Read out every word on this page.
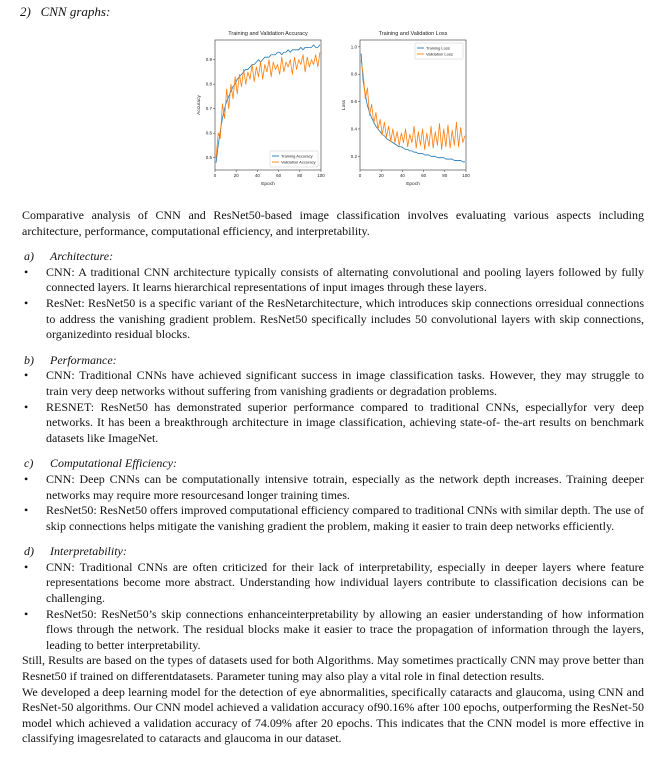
2) CNN graphs:
Training and Validation Accuracy
0	20	40	60	80	100
0.5
0.6
0.7
0.8
0.9
Epoch
Accuracy
Training Accuracy
Validation Accuracy
Training and Validation Loss
0	20	40	60	80	100
0.2
0.4
0.6
0.8
1.0
Epoch
Loss
Training Loss
Validation Loss

Comparative analysis of CNN and ResNet50-based image classification involves evaluating various aspects including architecture, performance, computational efficiency, and interpretability.

a) Architecture:

• CNN: A traditional CNN architecture typically consists of alternating convolutional and pooling layers followed by fully connected layers. It learns hierarchical representations of input images through these layers.
• ResNet: ResNet50 is a specific variant of the ResNetarchitecture, which introduces skip connections orresidual connections to address the vanishing gradient problem. ResNet50 specifically includes 50 convolutional layers with skip connections, organizedinto residual blocks.

b) Performance:

• CNN: Traditional CNNs have achieved significant success in image classification tasks. However, they may struggle to train very deep networks without suffering from vanishing gradients or degradation problems.
• RESNET: ResNet50 has demonstrated superior performance compared to traditional CNNs, especiallyfor very deep networks. It has been a breakthrough architecture in image classification, achieving state-of- the-art results on benchmark datasets like ImageNet.

c) Computational Efficiency:

• CNN: Deep CNNs can be computationally intensive totrain, especially as the network depth increases. Training deeper networks may require more resourcesand longer training times.
• ResNet50: ResNet50 offers improved computational efficiency compared to traditional CNNs with similar depth. The use of skip connections helps mitigate the vanishing gradient the problem, making it easier to train deep networks efficiently.

d) Interpretability:

• CNN: Traditional CNNs are often criticized for their lack of interpretability, especially in deeper layers where feature representations become more abstract. Understanding how individual layers contribute to classification decisions can be challenging.
• ResNet50: ResNet50’s skip connections enhanceinterpretability by allowing an easier understanding of how information flows through the network. The residual blocks make it easier to trace the propagation of information through the layers, leading to better interpretability.

Still, Results are based on the types of datasets used for both Algorithms. May sometimes practically CNN may prove better than Resnet50 if trained on differentdatasets. Parameter tuning may also play a vital role in final detection results.

We developed a deep learning model for the detection of eye abnormalities, specifically cataracts and glaucoma, using CNN and ResNet-50 algorithms. Our CNN model achieved a validation accuracy of90.16% after 100 epochs, outperforming the ResNet-50 model which achieved a validation accuracy of 74.09% after 20 epochs. This indicates that the CNN model is more effective in classifying imagesrelated to cataracts and glaucoma in our dataset.
